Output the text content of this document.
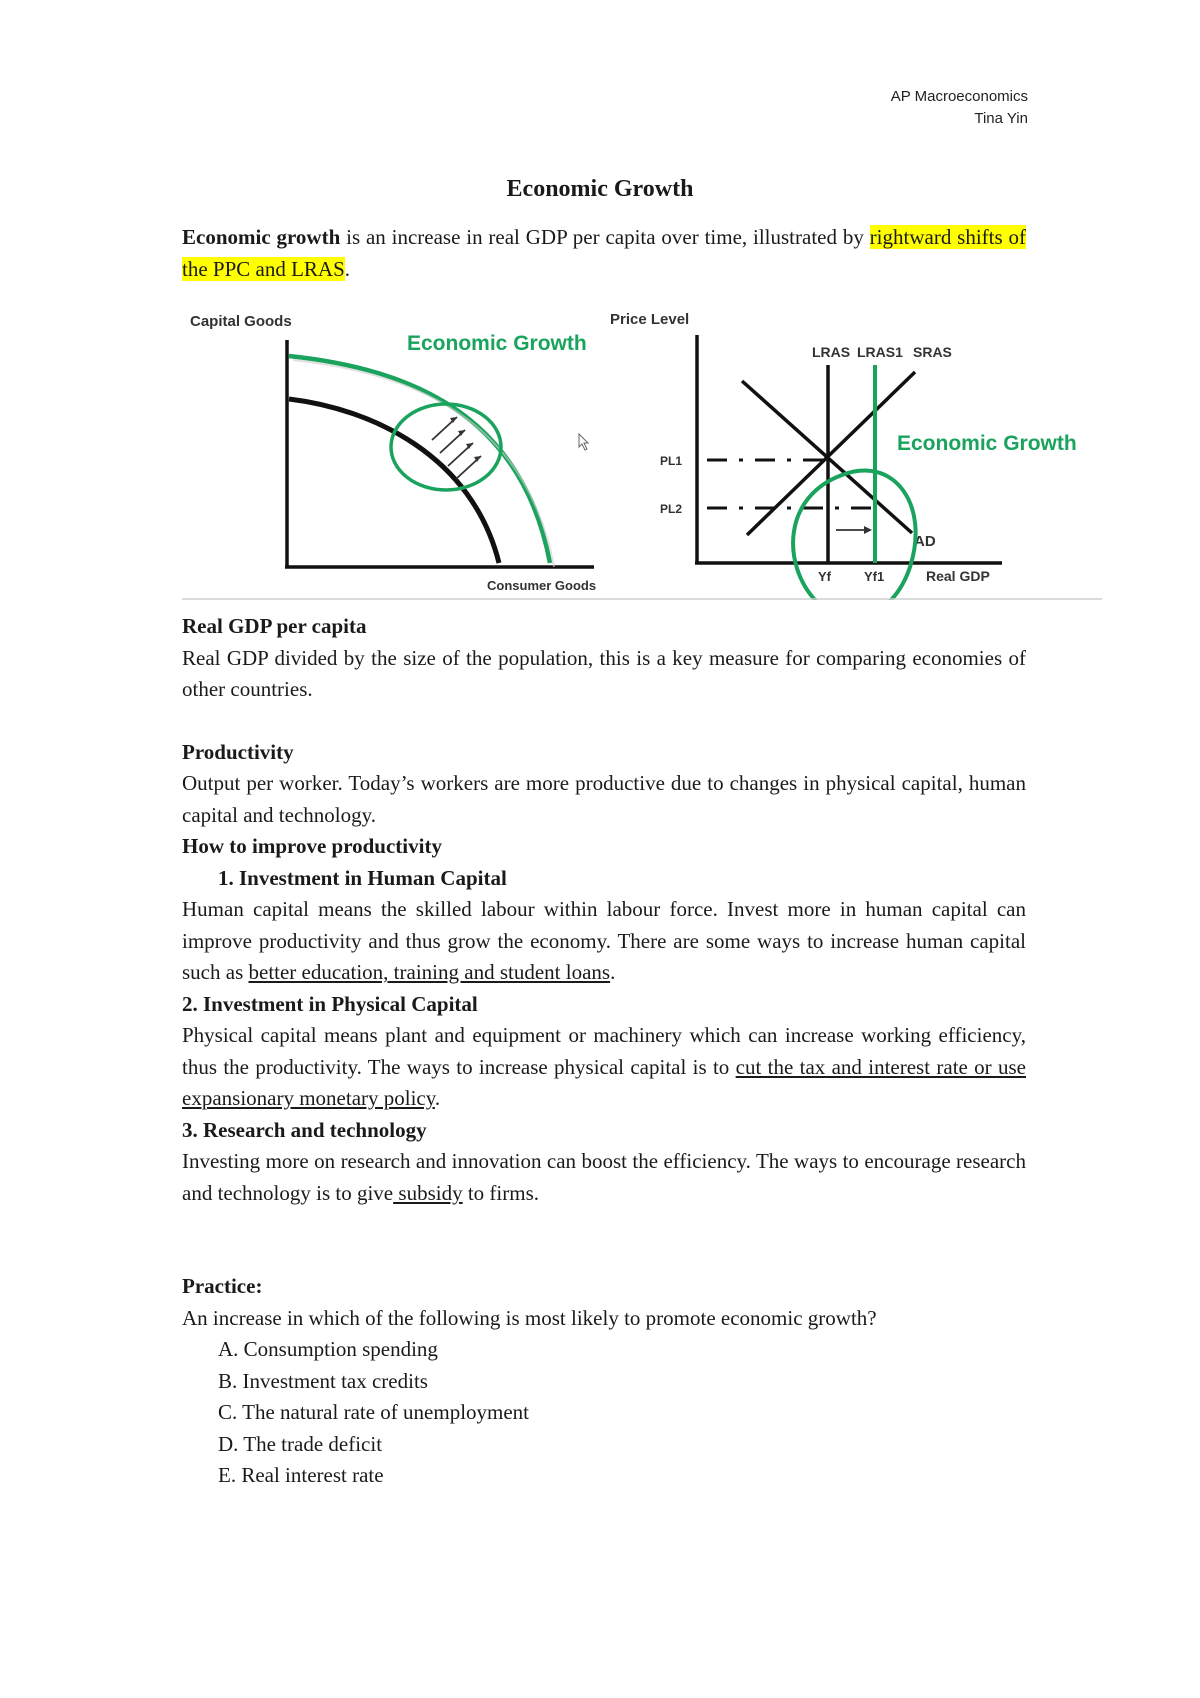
AP Macroeconomics
Tina Yin
Economic Growth

Economic growth is an increase in real GDP per capita over time, illustrated by rightward shifts of the PPC and LRAS.

Capital Goods
Economic Growth
Consumer Goods
Price Level
LRAS LRAS1 SRAS
AD
PL1
PL2
Yf	Yf1	Real GDP
Economic Growth

Real GDP per capita

Real GDP divided by the size of the population, this is a key measure for comparing economies of other countries.

Productivity

Output per worker. Today’s workers are more productive due to changes in physical capital, human capital and technology.

How to improve productivity

1. Investment in Human Capital

Human capital means the skilled labour within labour force. Invest more in human capital can improve productivity and thus grow the economy. There are some ways to increase human capital such as better education, training and student loans.

2. Investment in Physical Capital

Physical capital means plant and equipment or machinery which can increase working efficiency, thus the productivity. The ways to increase physical capital is to cut the tax and interest rate or use expansionary monetary policy.

3. Research and technology

Investing more on research and innovation can boost the efficiency. The ways to encourage research and technology is to give subsidy to firms.

Practice:

An increase in which of the following is most likely to promote economic growth?

A. Consumption spending

B. Investment tax credits

C. The natural rate of unemployment

D. The trade deficit

E. Real interest rate
